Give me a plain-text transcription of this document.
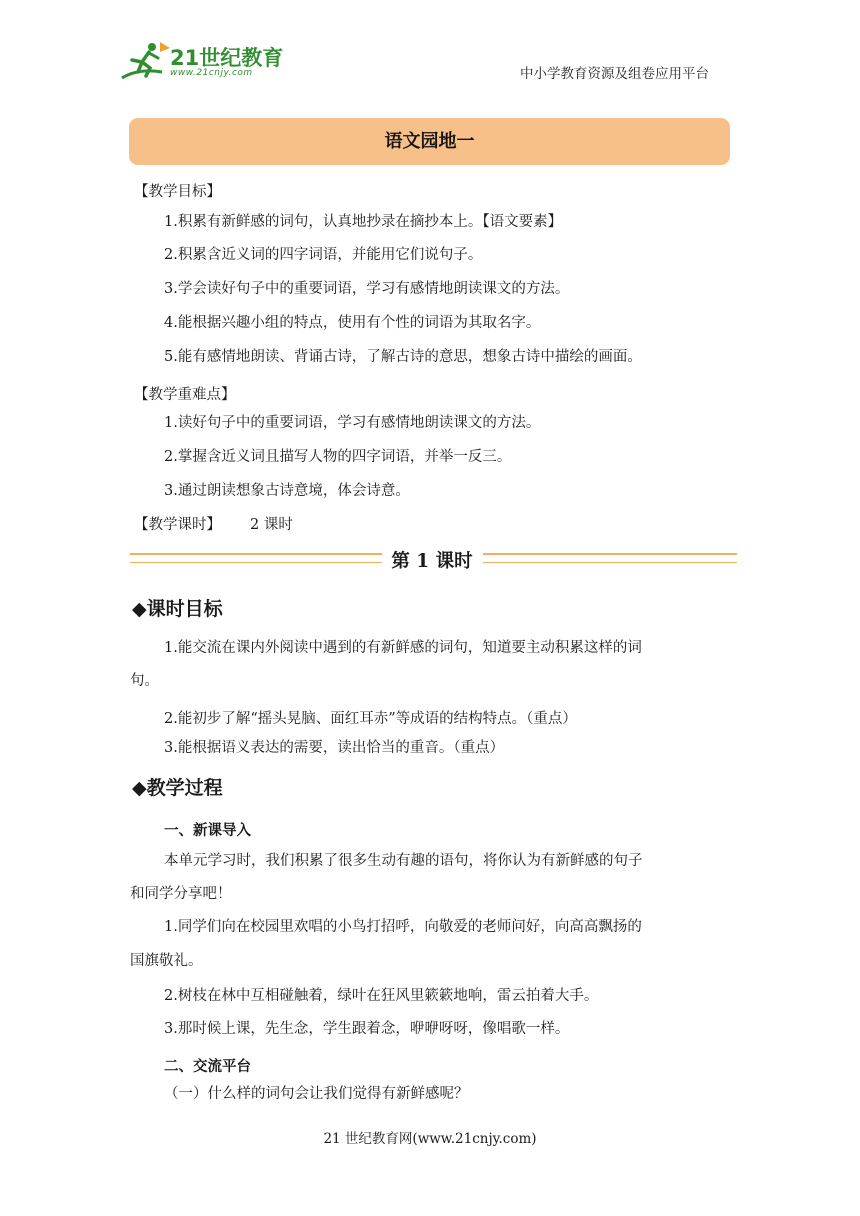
21世纪教育
www.21cnjy.com	中小学教育资源及组卷应用平台
语文园地一
【教学目标】
1.积累有新鲜感的词句，认真地抄录在摘抄本上。【语文要素】
2.积累含近义词的四字词语，并能用它们说句子。
3.学会读好句子中的重要词语，学习有感情地朗读课文的方法。
4.能根据兴趣小组的特点，使用有个性的词语为其取名字。
5.能有感情地朗读、背诵古诗，了解古诗的意思，想象古诗中描绘的画面。
【教学重难点】
1.读好句子中的重要词语，学习有感情地朗读课文的方法。
2.掌握含近义词且描写人物的四字词语，并举一反三。
3.通过朗读想象古诗意境，体会诗意。
【教学课时】 2 课时
第 1 课时
◆课时目标
1.能交流在课内外阅读中遇到的有新鲜感的词句，知道要主动积累这样的词
句。
2.能初步了解“摇头晃脑、面红耳赤”等成语的结构特点。（重点）
3.能根据语义表达的需要，读出恰当的重音。（重点）
◆教学过程
一、新课导入
本单元学习时，我们积累了很多生动有趣的语句，将你认为有新鲜感的句子
和同学分享吧！
1.同学们向在校园里欢唱的小鸟打招呼，向敬爱的老师问好，向高高飘扬的
国旗敬礼。
2.树枝在林中互相碰触着，绿叶在狂风里簌簌地响，雷云拍着大手。
3.那时候上课，先生念，学生跟着念，咿咿呀呀，像唱歌一样。
二、交流平台
（一）什么样的词句会让我们觉得有新鲜感呢？
21 世纪教育网(www.21cnjy.com)
